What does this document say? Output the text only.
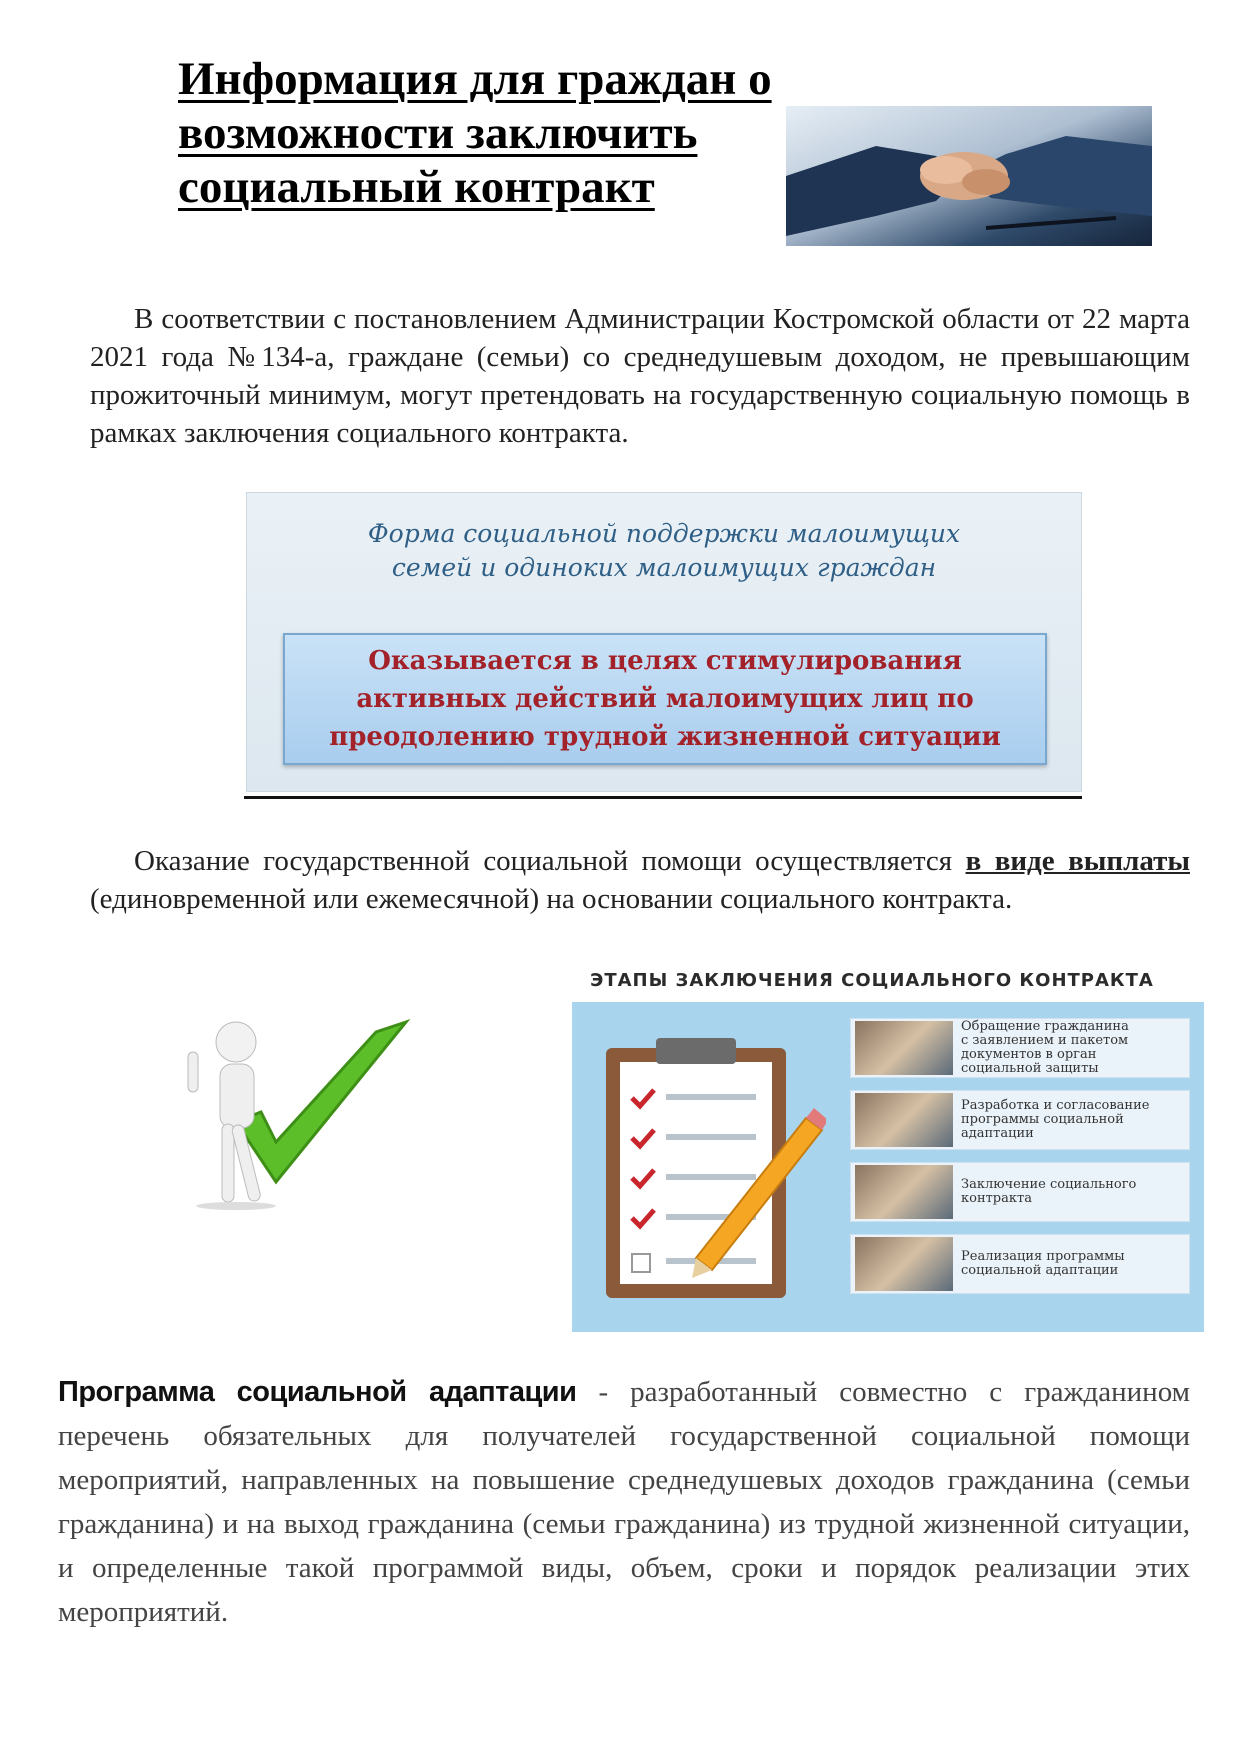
Информация для граждан о
возможности заключить
социальный контракт
В соответствии с постановлением Администрации Костромской области от 22 марта 2021 года №134-а, граждане (семьи) со среднедушевым доходом, не превышающим прожиточный минимум, могут претендовать на государственную социальную помощь в рамках заключения социального контракта.
Форма социальной поддержки малоимущих
семей и одиноких малоимущих граждан
Оказывается в целях стимулирования
активных действий малоимущих лиц по
преодолению трудной жизненной ситуации
Оказание государственной социальной помощи осуществляется в виде выплаты (единовременной или ежемесячной) на основании социального контракта.
ЭТАПЫ ЗАКЛЮЧЕНИЯ СОЦИАЛЬНОГО КОНТРАКТА
Обращение гражданина
с заявлением и пакетом
документов в орган
социальной защиты
Разработка и согласование
программы социальной
адаптации
Заключение социального
контракта
Реализация программы
социальной адаптации
Программа социальной адаптации - разработанный совместно с гражданином перечень обязательных для получателей государственной социальной помощи мероприятий, направленных на повышение среднедушевых доходов гражданина (семьи гражданина) и на выход гражданина (семьи гражданина) из трудной жизненной ситуации, и определенные такой программой виды, объем, сроки и порядок реализации этих мероприятий.
